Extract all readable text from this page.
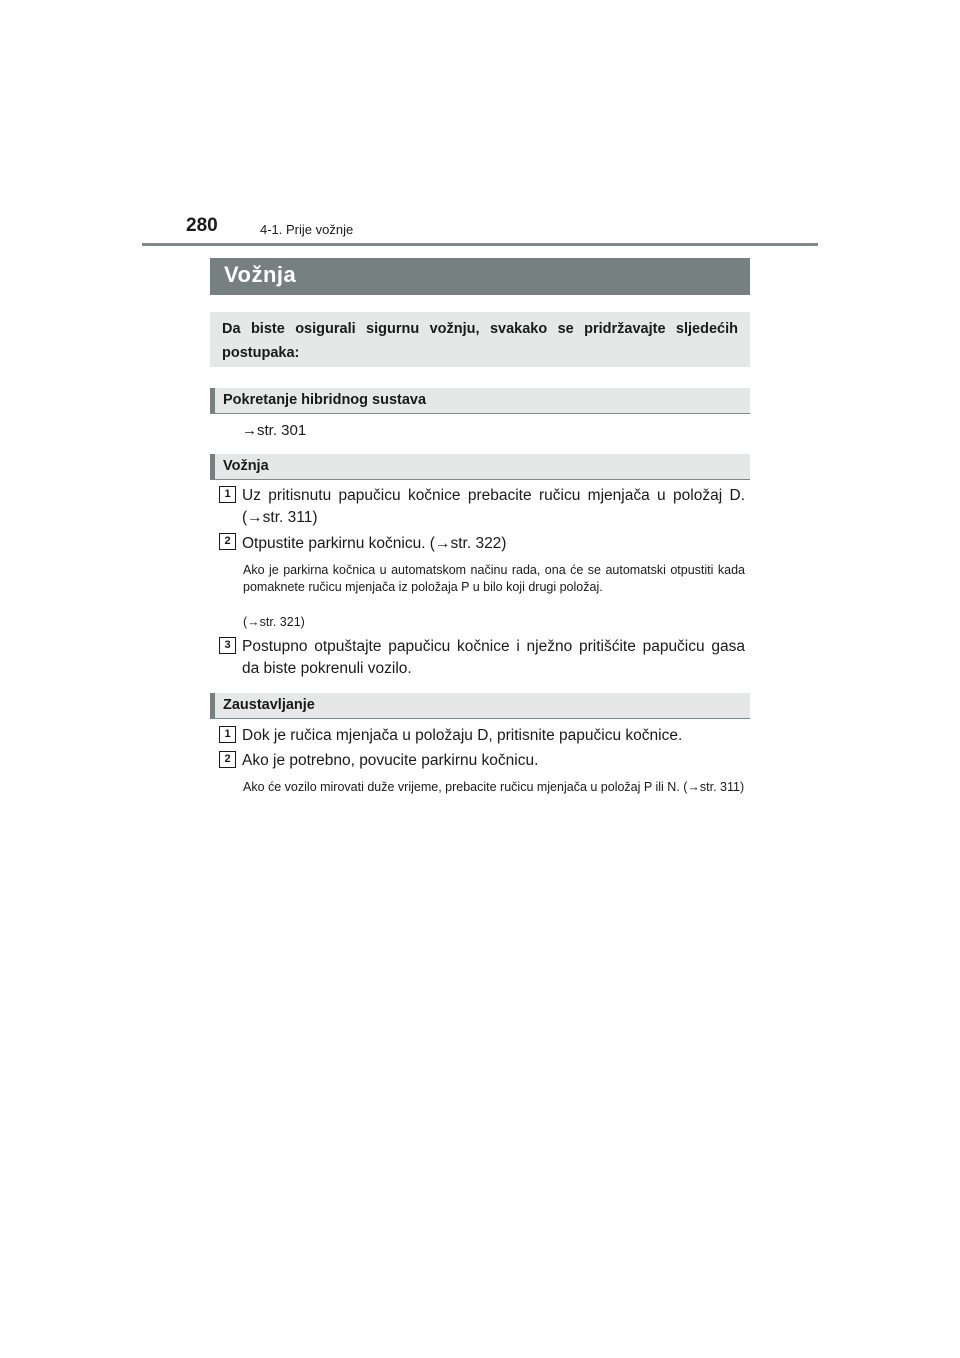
280	4-1. Prije vožnje
Vožnja

Da biste osigurali sigurnu vožnju, svakako se pridržavajte sljedećih postupaka:

Pokretanje hibridnog sustava
→str. 301
Vožnja
1 Uz pritisnutu papučicu kočnice prebacite ručicu mjenjača u položaj D. (→str. 311)

2 Otpustite parkirnu kočnicu. (→str. 322)

Ako je parkirna kočnica u automatskom načinu rada, ona će se automatski otpustiti kada pomaknete ručicu mjenjača iz položaja P u bilo koji drugi položaj.

(→str. 321)

3 Postupno otpuštajte papučicu kočnice i nježno pritišćite papučicu gasa da biste pokrenuli vozilo.

Zaustavljanje
1 Dok je ručica mjenjača u položaju D, pritisnite papučicu kočnice.

2 Ako je potrebno, povucite parkirnu kočnicu.

Ako će vozilo mirovati duže vrijeme, prebacite ručicu mjenjača u položaj P ili N. (→str. 311)
